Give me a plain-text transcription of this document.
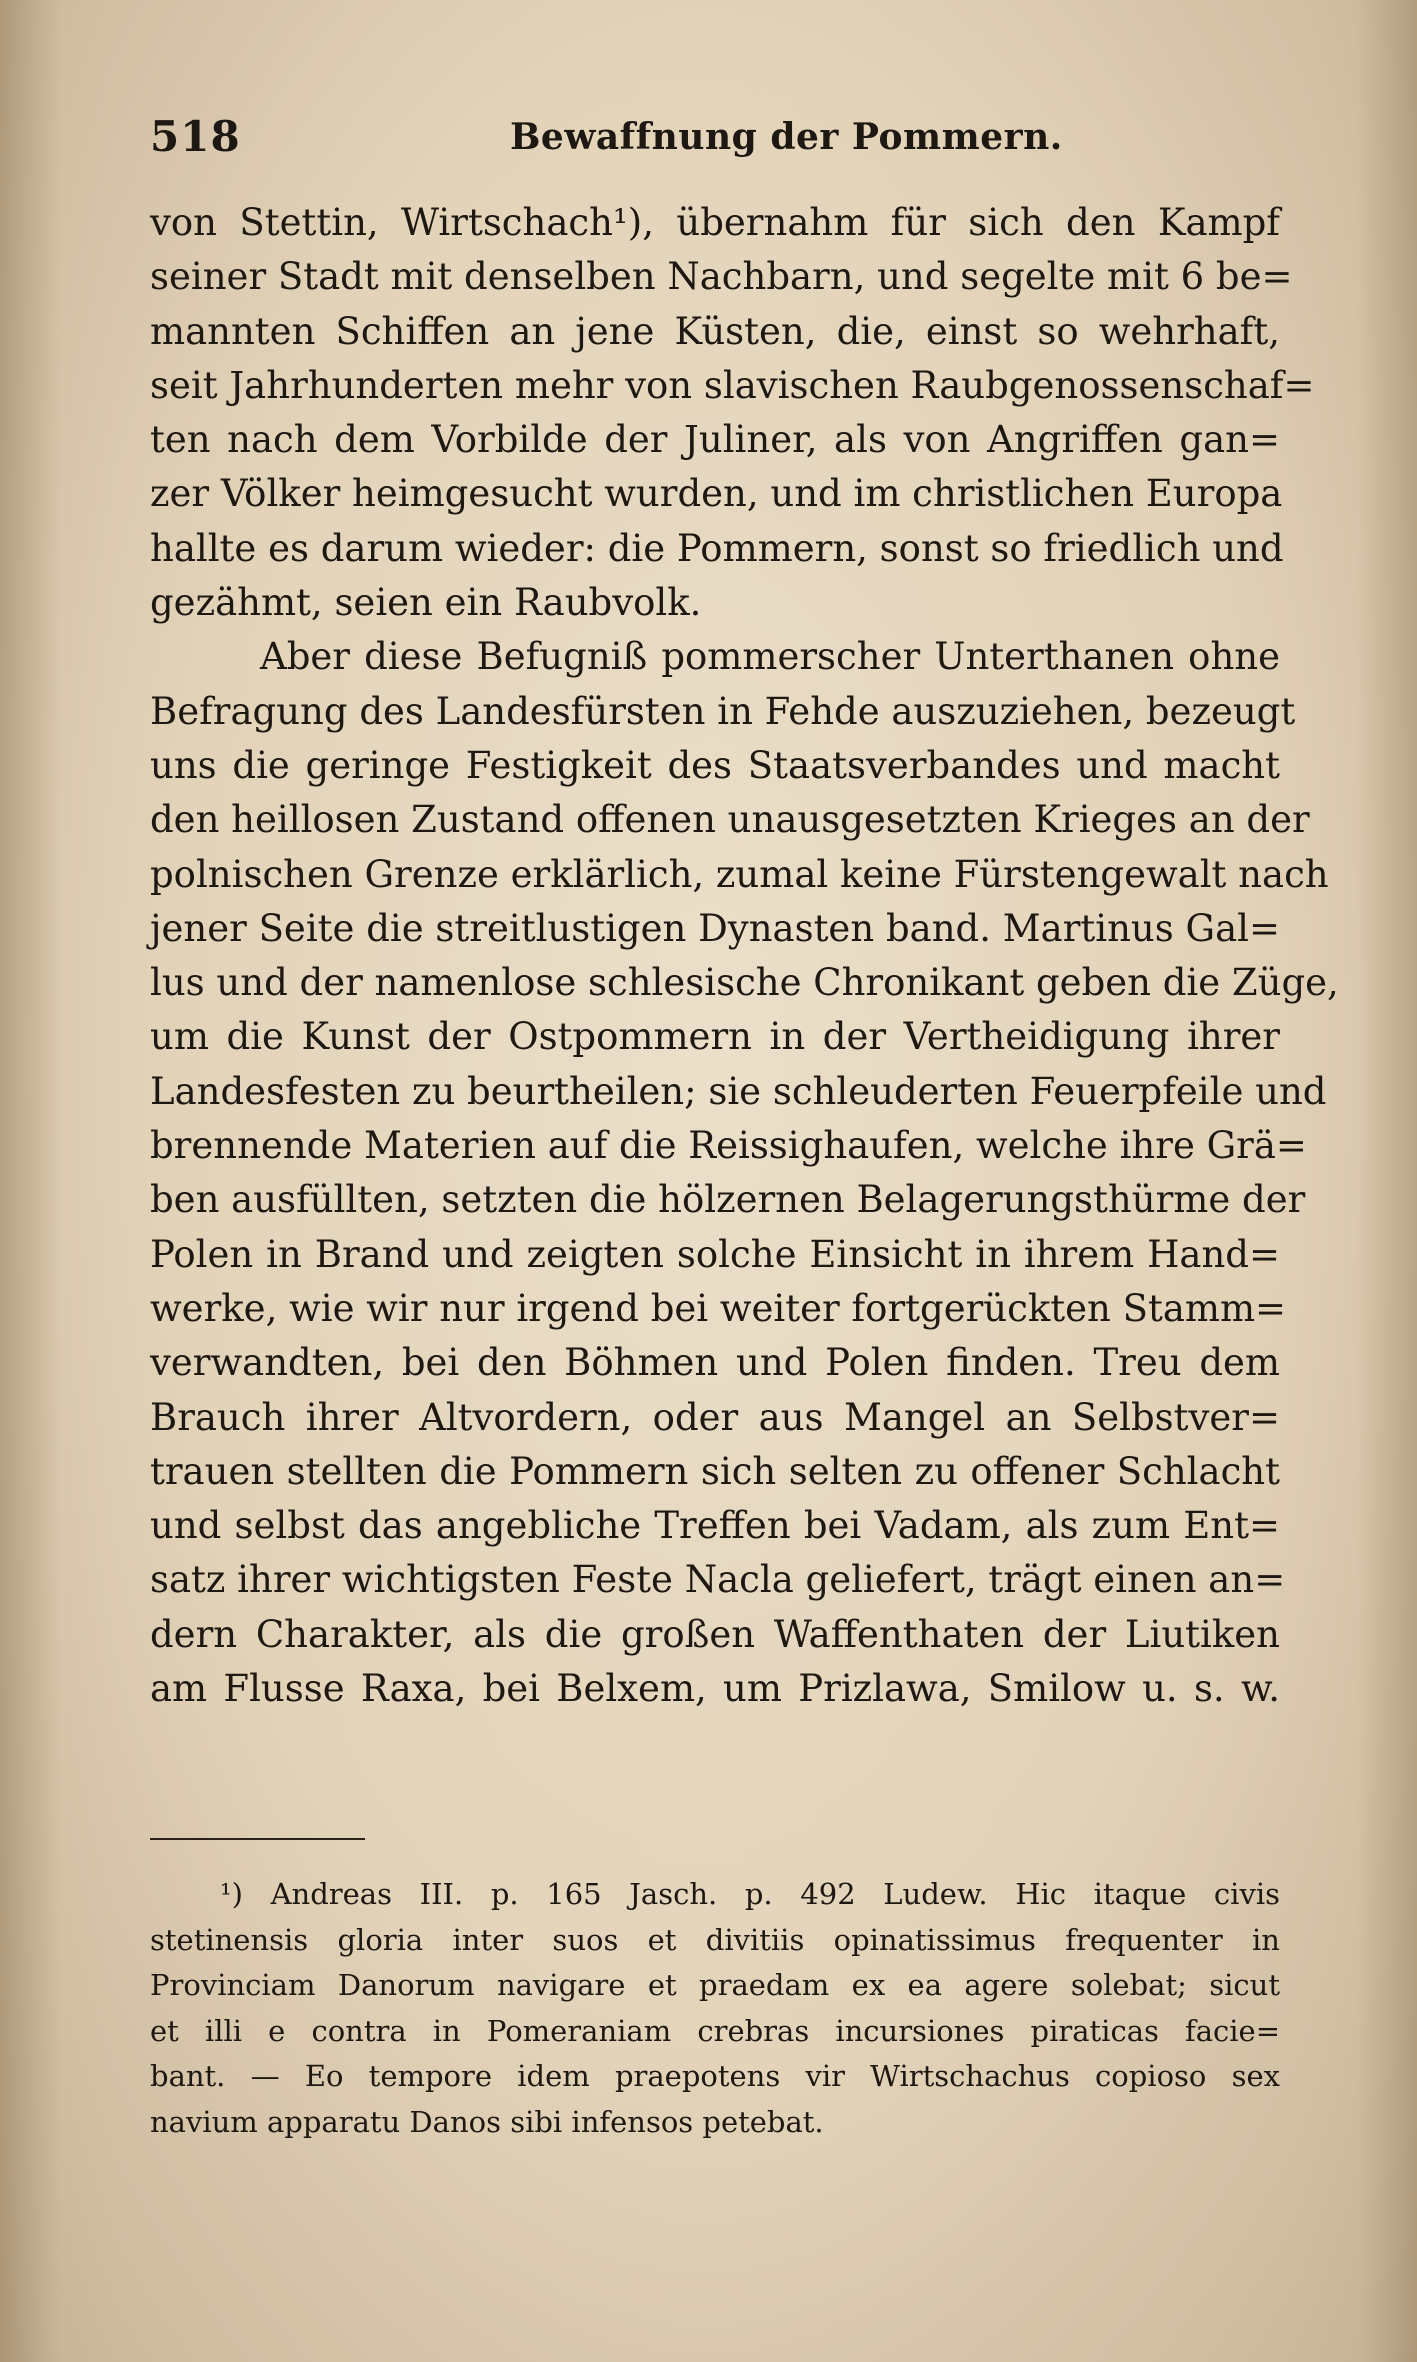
518	Bewaffnung der Pommern.
von Stettin, Wirtschach¹), übernahm für sich den Kampf
seiner Stadt mit denselben Nachbarn, und segelte mit 6 be=
mannten Schiffen an jene Küsten, die, einst so wehrhaft,
seit Jahrhunderten mehr von slavischen Raubgenossenschaf=
ten nach dem Vorbilde der Juliner, als von Angriffen gan=
zer Völker heimgesucht wurden, und im christlichen Europa
hallte es darum wieder: die Pommern, sonst so friedlich und
gezähmt, seien ein Raubvolk.
Aber diese Befugniß pommerscher Unterthanen ohne
Befragung des Landesfürsten in Fehde auszuziehen, bezeugt
uns die geringe Festigkeit des Staatsverbandes und macht
den heillosen Zustand offenen unausgesetzten Krieges an der
polnischen Grenze erklärlich, zumal keine Fürstengewalt nach
jener Seite die streitlustigen Dynasten band. Martinus Gal=
lus und der namenlose schlesische Chronikant geben die Züge,
um die Kunst der Ostpommern in der Vertheidigung ihrer
Landesfesten zu beurtheilen; sie schleuderten Feuerpfeile und
brennende Materien auf die Reissighaufen, welche ihre Grä=
ben ausfüllten, setzten die hölzernen Belagerungsthürme der
Polen in Brand und zeigten solche Einsicht in ihrem Hand=
werke, wie wir nur irgend bei weiter fortgerückten Stamm=
verwandten, bei den Böhmen und Polen finden. Treu dem
Brauch ihrer Altvordern, oder aus Mangel an Selbstver=
trauen stellten die Pommern sich selten zu offener Schlacht
und selbst das angebliche Treffen bei Vadam, als zum Ent=
satz ihrer wichtigsten Feste Nacla geliefert, trägt einen an=
dern Charakter, als die großen Waffenthaten der Liutiken
am Flusse Raxa, bei Belxem, um Prizlawa, Smilow u. s. w.
¹) Andreas III. p. 165 Jasch. p. 492 Ludew. Hic itaque civis
stetinensis gloria inter suos et divitiis opinatissimus frequenter in
Provinciam Danorum navigare et praedam ex ea agere solebat; sicut
et illi e contra in Pomeraniam crebras incursiones piraticas facie=
bant. — Eo tempore idem praepotens vir Wirtschachus copioso sex
navium apparatu Danos sibi infensos petebat.
